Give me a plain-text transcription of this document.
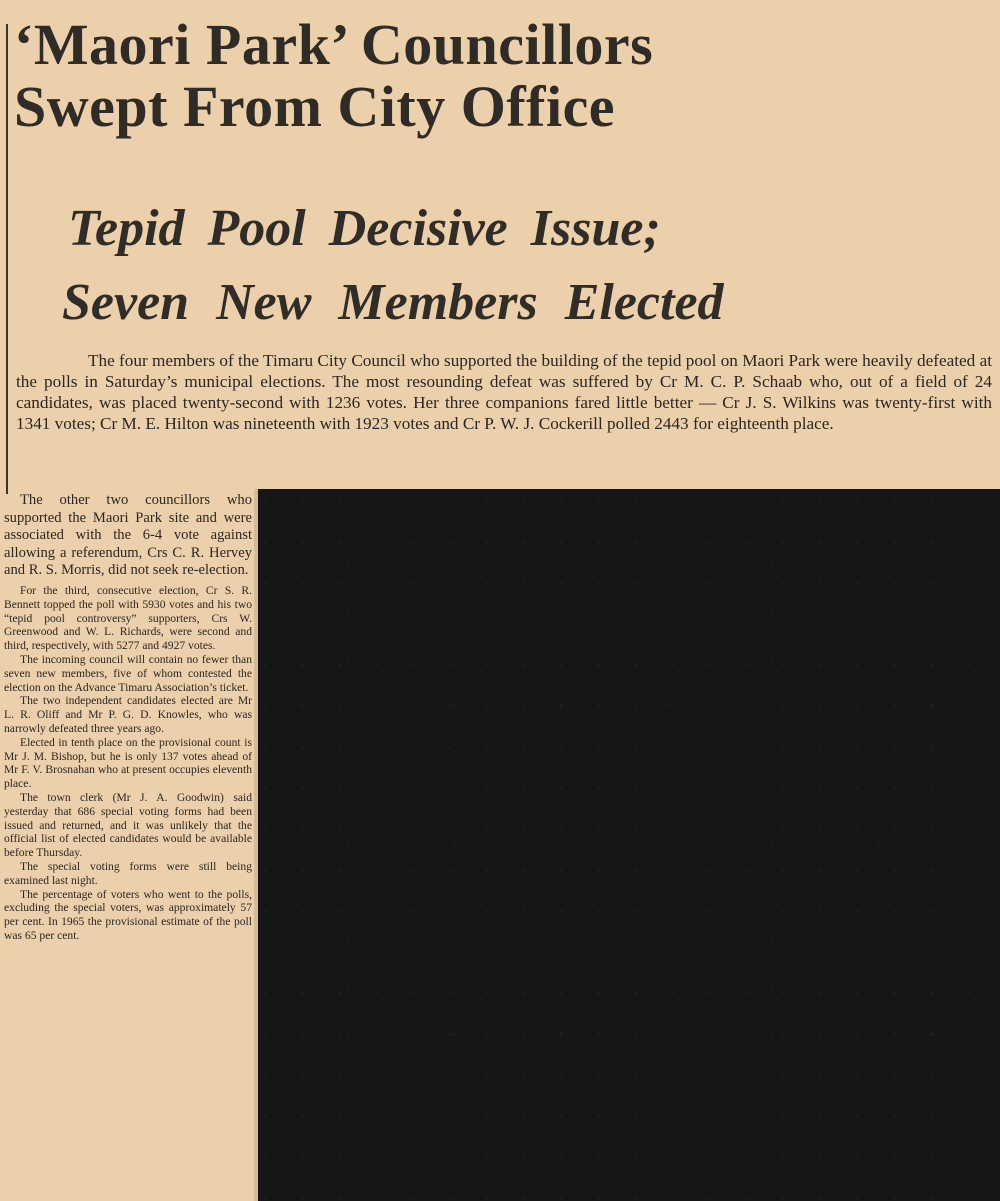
‘Maori Park’ Councillors
Swept From City Office
Tepid Pool Decisive Issue;
Seven New Members Elected

The four members of the Timaru City Council who supported the building of the tepid pool on Maori Park were heavily defeated at the polls in Saturday’s municipal elections. The most resounding defeat was suffered by Cr M. C. P. Schaab who, out of a field of 24 candidates, was placed twenty-second with 1236 votes. Her three companions fared little better — Cr J. S. Wilkins was twenty-first with 1341 votes; Cr M. E. Hilton was nineteenth with 1923 votes and Cr P. W. J. Cockerill polled 2443 for eighteenth place.

The other two councillors who supported the Maori Park site and were associated with the 6-4 vote against allowing a referendum, Crs C. R. Hervey and R. S. Morris, did not seek re-election.

For the third, consecutive election, Cr S. R. Bennett topped the poll with 5930 votes and his two “tepid pool controversy” supporters, Crs W. Greenwood and W. L. Richards, were second and third, respectively, with 5277 and 4927 votes.

The incoming council will contain no fewer than seven new members, five of whom contested the election on the Advance Timaru Association’s ticket.

The two independent candidates elected are Mr L. R. Oliff and Mr P. G. D. Knowles, who was narrowly defeated three years ago.

Elected in tenth place on the provisional count is Mr J. M. Bishop, but he is only 137 votes ahead of Mr F. V. Brosnahan who at present occupies eleventh place.

The town clerk (Mr J. A. Goodwin) said yesterday that 686 special voting forms had been issued and returned, and it was unlikely that the official list of elected candidates would be available before Thursday.

The special voting forms were still being examined last night.

The percentage of voters who went to the polls, excluding the special voters, was approximately 57 per cent. In 1965 the provisional estimate of the poll was 65 per cent.
